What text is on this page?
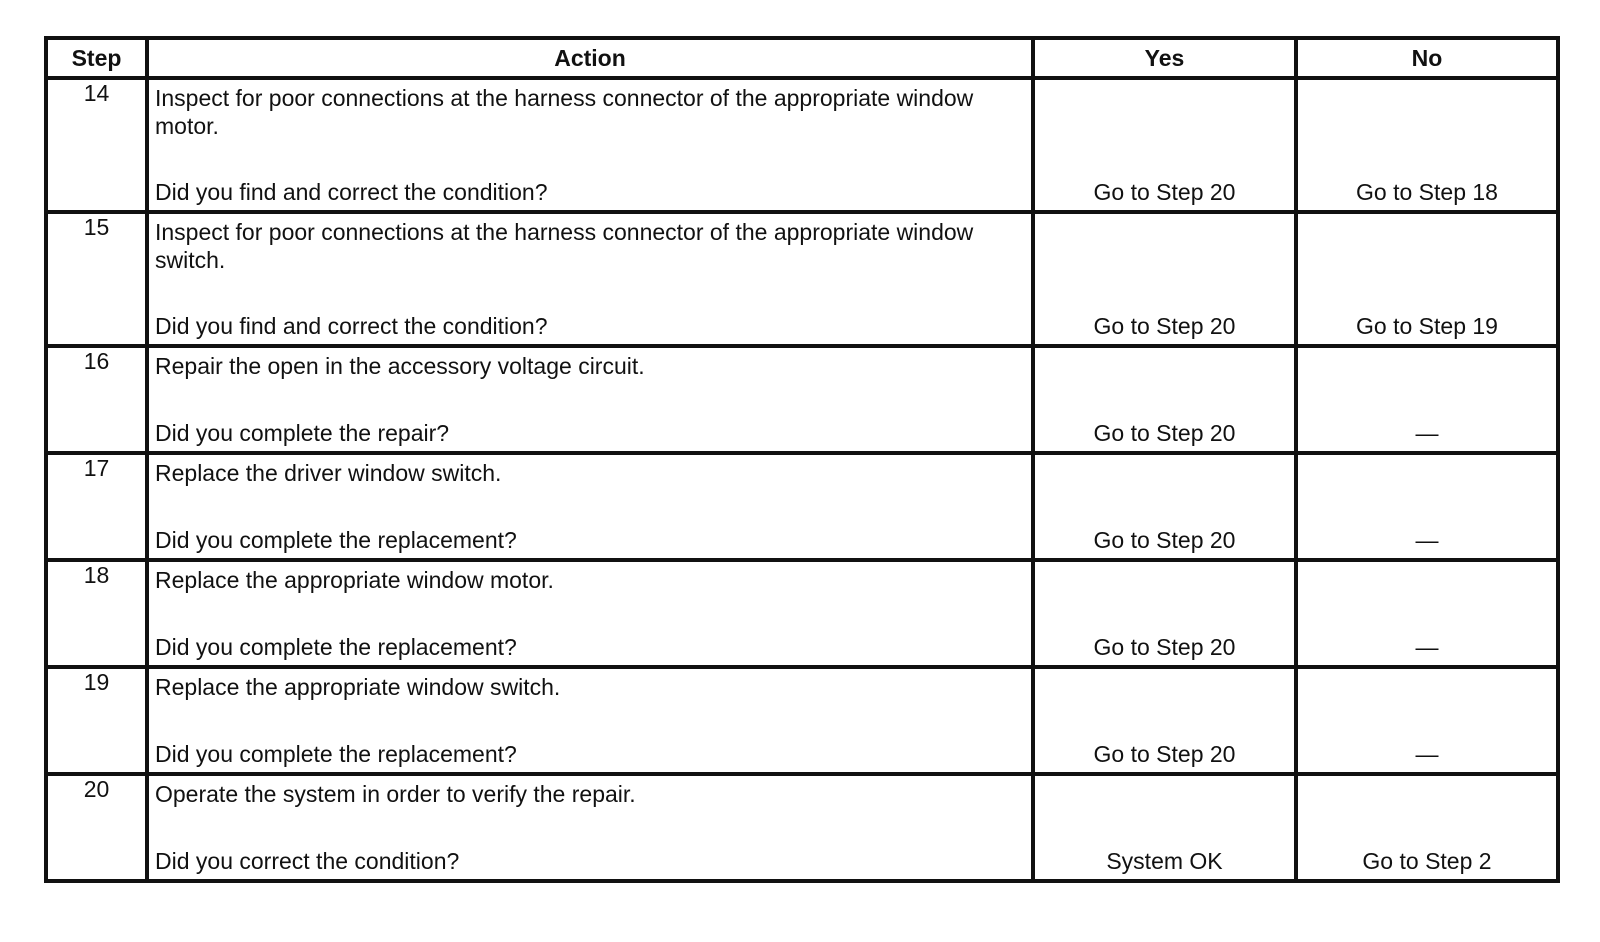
Step	Action	Yes	No
14	Inspect for poor connections at the harness connector of the appropriate window motor.
Did you find and correct the condition?	Go to Step 20	Go to Step 18

15	Inspect for poor connections at the harness connector of the appropriate window switch.
Did you find and correct the condition?	Go to Step 20	Go to Step 19

16	Repair the open in the accessory voltage circuit.
Did you complete the repair?	Go to Step 20	—

17	Replace the driver window switch.
Did you complete the replacement?	Go to Step 20	—

18	Replace the appropriate window motor.
Did you complete the replacement?	Go to Step 20	—

19	Replace the appropriate window switch.
Did you complete the replacement?	Go to Step 20	—

20	Operate the system in order to verify the repair.
Did you correct the condition?	System OK	Go to Step 2
